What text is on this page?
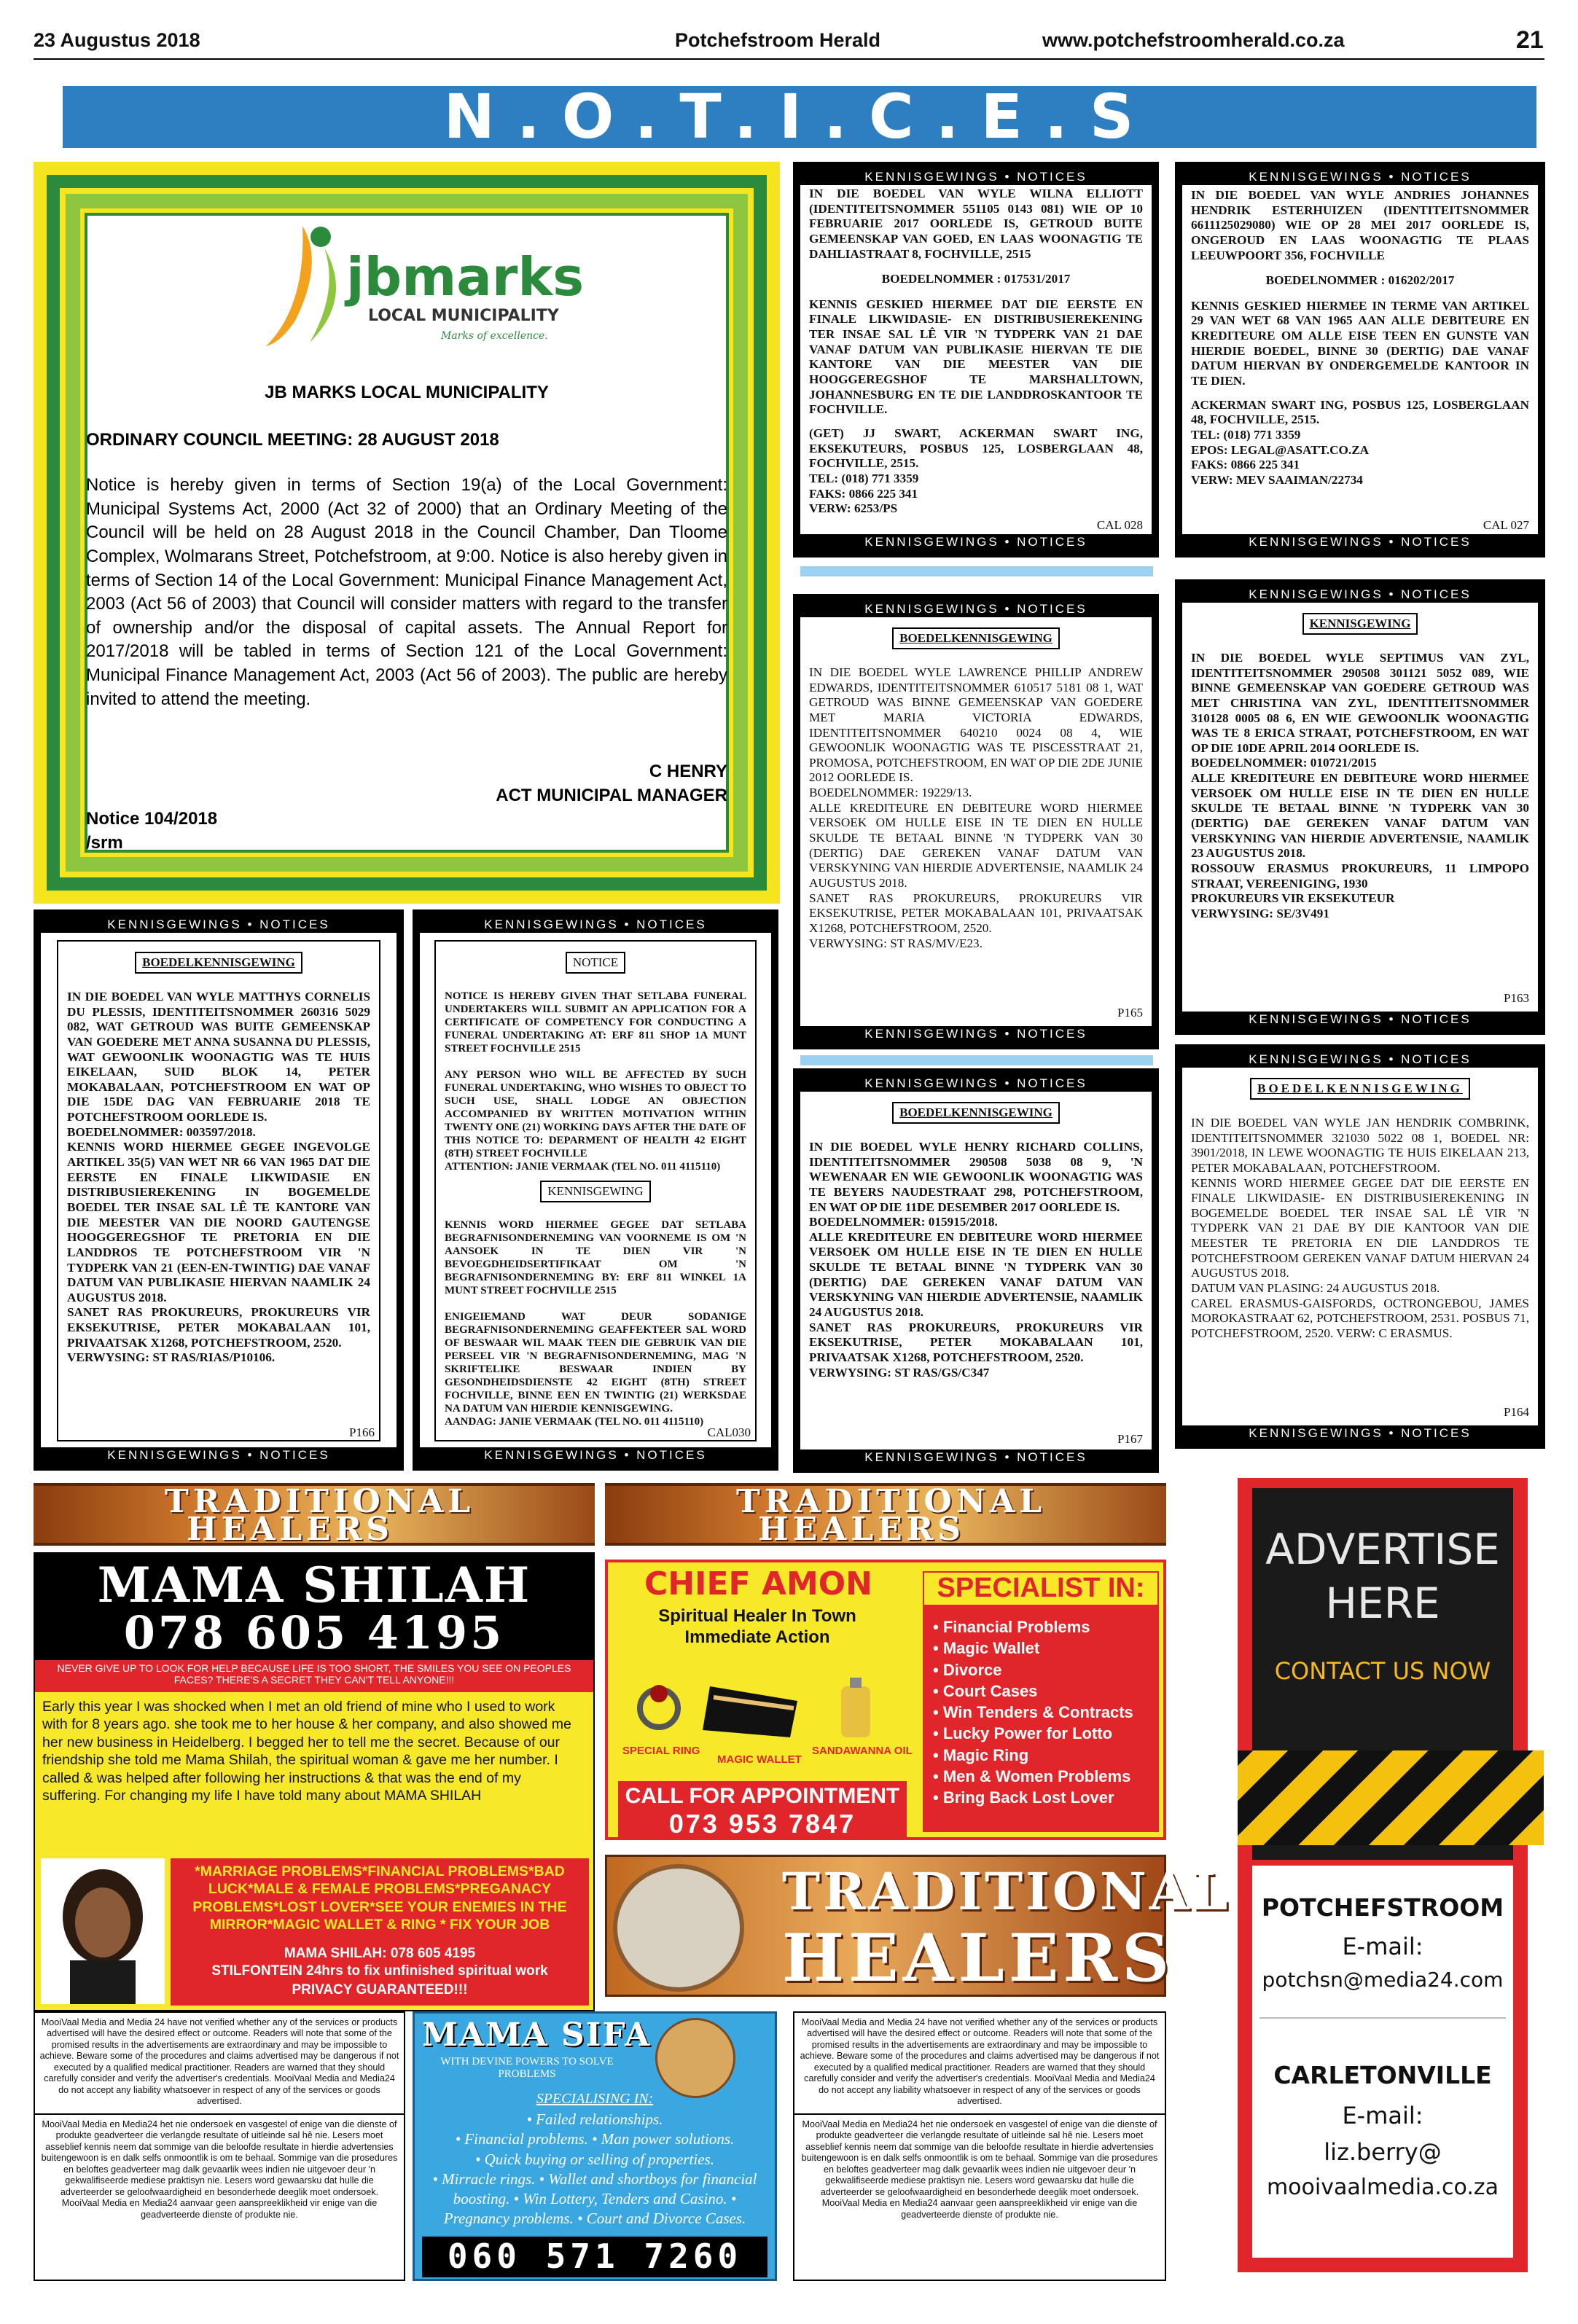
23 Augustus 2018	Potchefstroom Herald	www.potchefstroomherald.co.za	21
N.O.T.I.C.E.S
jbmarks
LOCAL MUNICIPALITY
Marks of excellence.
JB MARKS LOCAL MUNICIPALITY
ORDINARY COUNCIL MEETING: 28 AUGUST 2018
Notice is hereby given in terms of Section 19(a) of the Local Government: Municipal Systems Act, 2000 (Act 32 of 2000) that an Ordinary Meeting of the Council will be held on 28 August 2018 in the Council Chamber, Dan Tloome Complex, Wolmarans Street, Potchefstroom, at 9:00. Notice is also hereby given in terms of Section 14 of the Local Government: Municipal Finance Management Act, 2003 (Act 56 of 2003) that Council will consider matters with regard to the transfer of ownership and/or the disposal of capital assets. The Annual Report for 2017/2018 will be tabled in terms of Section 121 of the Local Government: Municipal Finance Management Act, 2003 (Act 56 of 2003). The public are hereby invited to attend the meeting.
C HENRY
ACT MUNICIPAL MANAGER
Notice 104/2018
/srm
KENNISGEWINGS • NOTICES
IN DIE BOEDEL VAN WYLE WILNA ELLIOTT (IDENTITEITSNOMMER 551105 0143 081) WIE OP 10 FEBRUARIE 2017 OORLEDE IS, GETROUD BUITE GEMEENSKAP VAN GOED, EN LAAS WOONAGTIG TE DAHLIASTRAAT 8, FOCHVILLE, 2515
BOEDELNOMMER : 017531/2017
KENNIS GESKIED HIERMEE DAT DIE EERSTE EN FINALE LIKWIDASIE- EN DISTRIBUSIEREKENING TER INSAE SAL LÊ VIR 'N TYDPERK VAN 21 DAE VANAF DATUM VAN PUBLIKASIE HIERVAN TE DIE KANTORE VAN DIE MEESTER VAN DIE HOOGGEREGSHOF TE MARSHALLTOWN, JOHANNESBURG EN TE DIE LANDDROSKANTOOR TE FOCHVILLE.
(GET) JJ SWART, ACKERMAN SWART ING, EKSEKUTEURS, POSBUS 125, LOSBERGLAAN 48, FOCHVILLE, 2515.
TEL: (018) 771 3359
FAKS: 0866 225 341
VERW: 6253/PS
CAL 028
KENNISGEWINGS • NOTICES
KENNISGEWINGS • NOTICES
IN DIE BOEDEL VAN WYLE ANDRIES JOHANNES HENDRIK ESTERHUIZEN (IDENTITEITSNOMMER 6611125029080) WIE OP 28 MEI 2017 OORLEDE IS, ONGEROUD EN LAAS WOONAGTIG TE PLAAS LEEUWPOORT 356, FOCHVILLE
BOEDELNOMMER : 016202/2017
KENNIS GESKIED HIERMEE IN TERME VAN ARTIKEL 29 VAN WET 68 VAN 1965 AAN ALLE DEBITEURE EN KREDITEURE OM ALLE EISE TEEN EN GUNSTE VAN HIERDIE BOEDEL, BINNE 30 (DERTIG) DAE VANAF DATUM HIERVAN BY ONDERGEMELDE KANTOOR IN TE DIEN.
ACKERMAN SWART ING, POSBUS 125, LOSBERGLAAN 48, FOCHVILLE, 2515.
TEL: (018) 771 3359
EPOS: LEGAL@ASATT.CO.ZA
FAKS: 0866 225 341
VERW: MEV SAAIMAN/22734
CAL 027
KENNISGEWINGS • NOTICES
KENNISGEWINGS • NOTICES
BOEDELKENNISGEWING
IN DIE BOEDEL WYLE LAWRENCE PHILLIP ANDREW EDWARDS, IDENTITEITSNOMMER 610517 5181 08 1, WAT GETROUD WAS BINNE GEMEENSKAP VAN GOEDERE MET MARIA VICTORIA EDWARDS, IDENTITEITSNOMMER 640210 0024 08 4, WIE GEWOONLIK WOONAGTIG WAS TE PISCESSTRAAT 21, PROMOSA, POTCHEFSTROOM, EN WAT OP DIE 2DE JUNIE 2012 OORLEDE IS.
BOEDELNOMMER: 19229/13.
ALLE KREDITEURE EN DEBITEURE WORD HIERMEE VERSOEK OM HULLE EISE IN TE DIEN EN HULLE SKULDE TE BETAAL BINNE 'N TYDPERK VAN 30 (DERTIG) DAE GEREKEN VANAF DATUM VAN VERSKYNING VAN HIERDIE ADVERTENSIE, NAAMLIK 24 AUGUSTUS 2018.
SANET RAS PROKUREURS, PROKUREURS VIR EKSEKUTRISE, PETER MOKABALAAN 101, PRIVAATSAK X1268, POTCHEFSTROOM, 2520.
VERWYSING: ST RAS/MV/E23.
P165
KENNISGEWINGS • NOTICES
KENNISGEWINGS • NOTICES
KENNISGEWING
IN DIE BOEDEL WYLE SEPTIMUS VAN ZYL, IDENTITEITSNOMMER 290508 301121 5052 089, WIE BINNE GEMEENSKAP VAN GOEDERE GETROUD WAS MET CHRISTINA VAN ZYL, IDENTITEITSNOMMER 310128 0005 08 6, EN WIE GEWOONLIK WOONAGTIG WAS TE 8 ERICA STRAAT, POTCHEFSTROOM, EN WAT OP DIE 10DE APRIL 2014 OORLEDE IS.
BOEDELNOMMER: 010721/2015
ALLE KREDITEURE EN DEBITEURE WORD HIERMEE VERSOEK OM HULLE EISE IN TE DIEN EN HULLE SKULDE TE BETAAL BINNE 'N TYDPERK VAN 30 (DERTIG) DAE GEREKEN VANAF DATUM VAN VERSKYNING VAN HIERDIE ADVERTENSIE, NAAMLIK 23 AUGUSTUS 2018.
ROSSOUW ERASMUS PROKUREURS, 11 LIMPOPO STRAAT, VEREENIGING, 1930
PROKUREURS VIR EKSEKUTEUR
VERWYSING: SE/3V491
P163
KENNISGEWINGS • NOTICES
KENNISGEWINGS • NOTICES
BOEDELKENNISGEWING
IN DIE BOEDEL VAN WYLE MATTHYS CORNELIS DU PLESSIS, IDENTITEITSNOMMER 260316 5029 082, WAT GETROUD WAS BUITE GEMEENSKAP VAN GOEDERE MET ANNA SUSANNA DU PLESSIS, WAT GEWOONLIK WOONAGTIG WAS TE HUIS EIKELAAN, SUID BLOK 14, PETER MOKABALAAN, POTCHEFSTROOM EN WAT OP DIE 15DE DAG VAN FEBRUARIE 2018 TE POTCHEFSTROOM OORLEDE IS.
BOEDELNOMMER: 003597/2018.
KENNIS WORD HIERMEE GEGEE INGEVOLGE ARTIKEL 35(5) VAN WET NR 66 VAN 1965 DAT DIE EERSTE EN FINALE LIKWIDASIE EN DISTRIBUSIEREKENING IN BOGEMELDE BOEDEL TER INSAE SAL LÊ TE KANTORE VAN DIE MEESTER VAN DIE NOORD GAUTENGSE HOOGGEREGSHOF TE PRETORIA EN DIE LANDDROS TE POTCHEFSTROOM VIR 'N TYDPERK VAN 21 (EEN-EN-TWINTIG) DAE VANAF DATUM VAN PUBLIKASIE HIERVAN NAAMLIK 24 AUGUSTUS 2018.
SANET RAS PROKUREURS, PROKUREURS VIR EKSEKUTRISE, PETER MOKABALAAN 101, PRIVAATSAK X1268, POTCHEFSTROOM, 2520.
VERWYSING: ST RAS/RIAS/P10106.
P166
KENNISGEWINGS • NOTICES
KENNISGEWINGS • NOTICES
NOTICE
NOTICE IS HEREBY GIVEN THAT SETLABA FUNERAL UNDERTAKERS WILL SUBMIT AN APPLICATION FOR A CERTIFICATE OF COMPETENCY FOR CONDUCTING A FUNERAL UNDERTAKING AT: ERF 811 SHOP 1A MUNT STREET FOCHVILLE 2515

ANY PERSON WHO WILL BE AFFECTED BY SUCH FUNERAL UNDERTAKING, WHO WISHES TO OBJECT TO SUCH USE, SHALL LODGE AN OBJECTION ACCOMPANIED BY WRITTEN MOTIVATION WITHIN TWENTY ONE (21) WORKING DAYS AFTER THE DATE OF THIS NOTICE TO: DEPARMENT OF HEALTH 42 EIGHT (8TH) STREET FOCHVILLE
ATTENTION: JANIE VERMAAK (TEL NO. 011 4115110)
KENNISGEWING
KENNIS WORD HIERMEE GEGEE DAT SETLABA BEGRAFNISONDERNEMING VAN VOORNEME IS OM 'N AANSOEK IN TE DIEN VIR 'N BEVOEGDHEIDSERTIFIKAAT OM 'N BEGRAFNISONDERNEMING BY: ERF 811 WINKEL 1A MUNT STREET FOCHVILLE 2515

ENIGEIEMAND WAT DEUR SODANIGE BEGRAFNISONDERNEMING GEAFFEKTEER SAL WORD OF BESWAAR WIL MAAK TEEN DIE GEBRUIK VAN DIE PERSEEL VIR 'N BEGRAFNISONDERNEMING, MAG 'N SKRIFTELIKE BESWAAR INDIEN BY GESONDHEIDSDIENSTE 42 EIGHT (8TH) STREET FOCHVILLE, BINNE EEN EN TWINTIG (21) WERKSDAE NA DATUM VAN HIERDIE KENNISGEWING.
AANDAG: JANIE VERMAAK (TEL NO. 011 4115110)
CAL030
KENNISGEWINGS • NOTICES
KENNISGEWINGS • NOTICES
BOEDELKENNISGEWING
IN DIE BOEDEL WYLE HENRY RICHARD COLLINS, IDENTITEITSNOMMER 290508 5038 08 9, 'N WEWENAAR EN WIE GEWOONLIK WOONAGTIG WAS TE BEYERS NAUDESTRAAT 298, POTCHEFSTROOM, EN WAT OP DIE 11DE DESEMBER 2017 OORLEDE IS.
BOEDELNOMMER: 015915/2018.
ALLE KREDITEURE EN DEBITEURE WORD HIERMEE VERSOEK OM HULLE EISE IN TE DIEN EN HULLE SKULDE TE BETAAL BINNE 'N TYDPERK VAN 30 (DERTIG) DAE GEREKEN VANAF DATUM VAN VERSKYNING VAN HIERDIE ADVERTENSIE, NAAMLIK 24 AUGUSTUS 2018.
SANET RAS PROKUREURS, PROKUREURS VIR EKSEKUTRISE, PETER MOKABALAAN 101, PRIVAATSAK X1268, POTCHEFSTROOM, 2520.
VERWYSING: ST RAS/GS/C347
P167
KENNISGEWINGS • NOTICES
KENNISGEWINGS • NOTICES
BOEDELKENNISGEWING
IN DIE BOEDEL VAN WYLE JAN HENDRIK COMBRINK, IDENTITEITSNOMMER 321030 5022 08 1, BOEDEL NR: 3901/2018, IN LEWE WOONAGTIG TE HUIS EIKELAAN 213, PETER MOKABALAAN, POTCHEFSTROOM.
KENNIS WORD HIERMEE GEGEE DAT DIE EERSTE EN FINALE LIKWIDASIE- EN DISTRIBUSIEREKENING IN BOGEMELDE BOEDEL TER INSAE SAL LÊ VIR 'N TYDPERK VAN 21 DAE BY DIE KANTOOR VAN DIE MEESTER TE PRETORIA EN DIE LANDDROS TE POTCHEFSTROOM GEREKEN VANAF DATUM HIERVAN 24 AUGUSTUS 2018.
DATUM VAN PLASING: 24 AUGUSTUS 2018.
CAREL ERASMUS-GAISFORDS, OCTRONGEBOU, JAMES MOROKASTRAAT 62, POTCHEFSTROOM, 2531. POSBUS 71, POTCHEFSTROOM, 2520. VERW: C ERASMUS.
P164
KENNISGEWINGS • NOTICES
TRADITIONAL
HEALERS
TRADITIONAL
HEALERS
MAMA SHILAH
078 605 4195
NEVER GIVE UP TO LOOK FOR HELP BECAUSE LIFE IS TOO SHORT, THE SMILES YOU SEE ON PEOPLES FACES? THERE'S A SECRET THEY CAN'T TELL ANYONE!!!
Early this year I was shocked when I met an old friend of mine who I used to work with for 8 years ago. she took me to her house & her company, and also showed me her new business in Heidelberg. I begged her to tell me the secret. Because of our friendship she told me Mama Shilah, the spiritual woman & gave me her number. I called & was helped after following her instructions & that was the end of my suffering. For changing my life I have told many about MAMA SHILAH
*MARRIAGE PROBLEMS*FINANCIAL PROBLEMS*BAD LUCK*MALE & FEMALE PROBLEMS*PREGANACY PROBLEMS*LOST LOVER*SEE YOUR ENEMIES IN THE MIRROR*MAGIC WALLET & RING * FIX YOUR JOB
MAMA SHILAH: 078 605 4195
STILFONTEIN 24hrs to fix unfinished spiritual work
PRIVACY GUARANTEED!!!
CHIEF AMON
Spiritual Healer In Town
Immediate Action
SPECIAL RING
MAGIC WALLET
SANDAWANNA OIL
CALL FOR APPOINTMENT
073 953 7847
SPECIALIST IN:
• Financial Problems
• Magic Wallet
• Divorce
• Court Cases
• Win Tenders & Contracts
• Lucky Power for Lotto
• Magic Ring
• Men & Women Problems
• Bring Back Lost Lover
TRADITIONAL
HEALERS
MooiVaal Media and Media 24 have not verified whether any of the services or products advertised will have the desired effect or outcome. Readers will note that some of the promised results in the advertisements are extraordinary and may be impossible to achieve. Beware some of the procedures and claims advertised may be dangerous if not executed by a qualified medical practitioner. Readers are warned that they should carefully consider and verify the advertiser's credentials. MooiVaal Media and Media24 do not accept any liability whatsoever in respect of any of the services or goods advertised.
MooiVaal Media en Media24 het nie ondersoek en vasgestel of enige van die dienste of produkte geadverteer die verlangde resultate of uitleinde sal hê nie. Lesers moet asseblief kennis neem dat sommige van die beloofde resultate in hierdie advertensies buitengewoon is en dalk selfs onmoontlik is om te behaal. Sommige van die prosedures en beloftes geadverteer mag dalk gevaarlik wees indien nie uitgevoer deur 'n gekwalifiseerde mediese praktisyn nie. Lesers word gewaarsku dat hulle die adverteerder se geloofwaardigheid en besonderhede deeglik moet ondersoek.
MooiVaal Media en Media24 aanvaar geen aanspreeklikheid vir enige van die geadverteerde dienste of produkte nie.
MAMA SIFA
WITH DEVINE POWERS TO SOLVE PROBLEMS
SPECIALISING IN:
• Failed relationships.
• Financial problems. • Man power solutions.
• Quick buying or selling of properties.
• Mirracle rings. • Wallet and shortboys for financial boosting. • Win Lottery, Tenders and Casino. • Pregnancy problems. • Court and Divorce Cases.
060 571 7260
MooiVaal Media and Media 24 have not verified whether any of the services or products advertised will have the desired effect or outcome. Readers will note that some of the promised results in the advertisements are extraordinary and may be impossible to achieve. Beware some of the procedures and claims advertised may be dangerous if not executed by a qualified medical practitioner. Readers are warned that they should carefully consider and verify the advertiser's credentials. MooiVaal Media and Media24 do not accept any liability whatsoever in respect of any of the services or goods advertised.
MooiVaal Media en Media24 het nie ondersoek en vasgestel of enige van die dienste of produkte geadverteer die verlangde resultate of uitleinde sal hê nie. Lesers moet asseblief kennis neem dat sommige van die beloofde resultate in hierdie advertensies buitengewoon is en dalk selfs onmoontlik is om te behaal. Sommige van die prosedures en beloftes geadverteer mag dalk gevaarlik wees indien nie uitgevoer deur 'n gekwalifiseerde mediese praktisyn nie. Lesers word gewaarsku dat hulle die adverteerder se geloofwaardigheid en besonderhede deeglik moet ondersoek.
MooiVaal Media en Media24 aanvaar geen aanspreeklikheid vir enige van die geadverteerde dienste of produkte nie.
ADVERTISE
HERE
CONTACT US NOW
POTCHEFSTROOM
E-mail:
potchsn@media24.com
CARLETONVILLE
E-mail:
liz.berry@
mooivaalmedia.co.za
